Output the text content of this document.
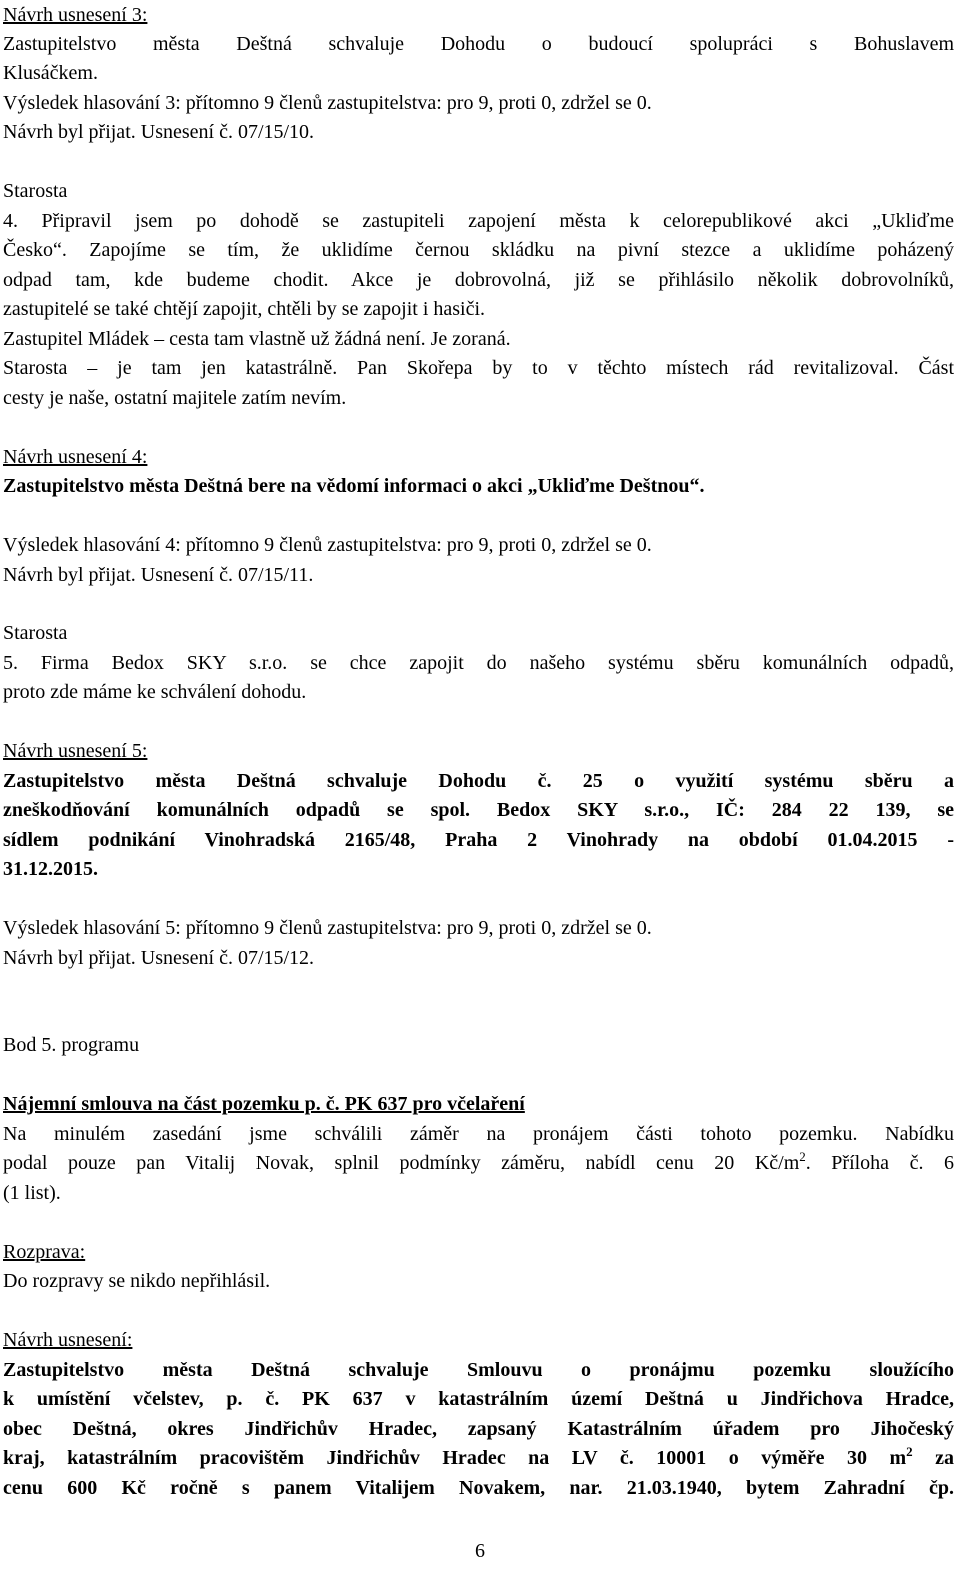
Návrh usnesení 3:
Zastupitelstvo města Deštná schvaluje Dohodu o budoucí spolupráci s Bohuslavem
Klusáčkem.
Výsledek hlasování 3: přítomno 9 členů zastupitelstva: pro 9, proti 0, zdržel se 0.
Návrh byl přijat. Usnesení č. 07/15/10.
Starosta
4. Připravil jsem po dohodě se zastupiteli zapojení města k celorepublikové akci „Ukliďme
Česko“. Zapojíme se tím, že uklidíme černou skládku na pivní stezce a uklidíme poházený
odpad tam, kde budeme chodit. Akce je dobrovolná, již se přihlásilo několik dobrovolníků,
zastupitelé se také chtějí zapojit, chtěli by se zapojit i hasiči.
Zastupitel Mládek – cesta tam vlastně už žádná není. Je zoraná.
Starosta – je tam jen katastrálně. Pan Skořepa by to v těchto místech rád revitalizoval. Část
cesty je naše, ostatní majitele zatím nevím.
Návrh usnesení 4:
Zastupitelstvo města Deštná bere na vědomí informaci o akci „Ukliďme Deštnou“.
Výsledek hlasování 4: přítomno 9 členů zastupitelstva: pro 9, proti 0, zdržel se 0.
Návrh byl přijat. Usnesení č. 07/15/11.
Starosta
5. Firma Bedox SKY s.r.o. se chce zapojit do našeho systému sběru komunálních odpadů,
proto zde máme ke schválení dohodu.
Návrh usnesení 5:
Zastupitelstvo města Deštná schvaluje Dohodu č. 25 o využití systému sběru a
zneškodňování komunálních odpadů se spol. Bedox SKY s.r.o., IČ: 284 22 139, se
sídlem podnikání Vinohradská 2165/48, Praha 2 Vinohrady na období 01.04.2015 -
31.12.2015.
Výsledek hlasování 5: přítomno 9 členů zastupitelstva: pro 9, proti 0, zdržel se 0.
Návrh byl přijat. Usnesení č. 07/15/12.
Bod 5. programu
Nájemní smlouva na část pozemku p. č. PK 637 pro včelaření
Na minulém zasedání jsme schválili záměr na pronájem části tohoto pozemku. Nabídku
podal pouze pan Vitalij Novak, splnil podmínky záměru, nabídl cenu 20 $Kč/m^2$. Příloha č. 6
(1 list).
Rozprava:
Do rozpravy se nikdo nepřihlásil.
Návrh usnesení:
Zastupitelstvo města Deštná schvaluje Smlouvu o pronájmu pozemku sloužícího
k umístění včelstev, p. č. PK 637 v katastrálním území Deštná u Jindřichova Hradce,
obec Deštná, okres Jindřichův Hradec, zapsaný Katastrálním úřadem pro Jihočeský
kraj, katastrálním pracovištěm Jindřichův Hradec na LV č. 10001 o výměře 30 $m^2$ za
cenu 600 Kč ročně s panem Vitalijem Novakem, nar. 21.03.1940, bytem Zahradní čp.
6
